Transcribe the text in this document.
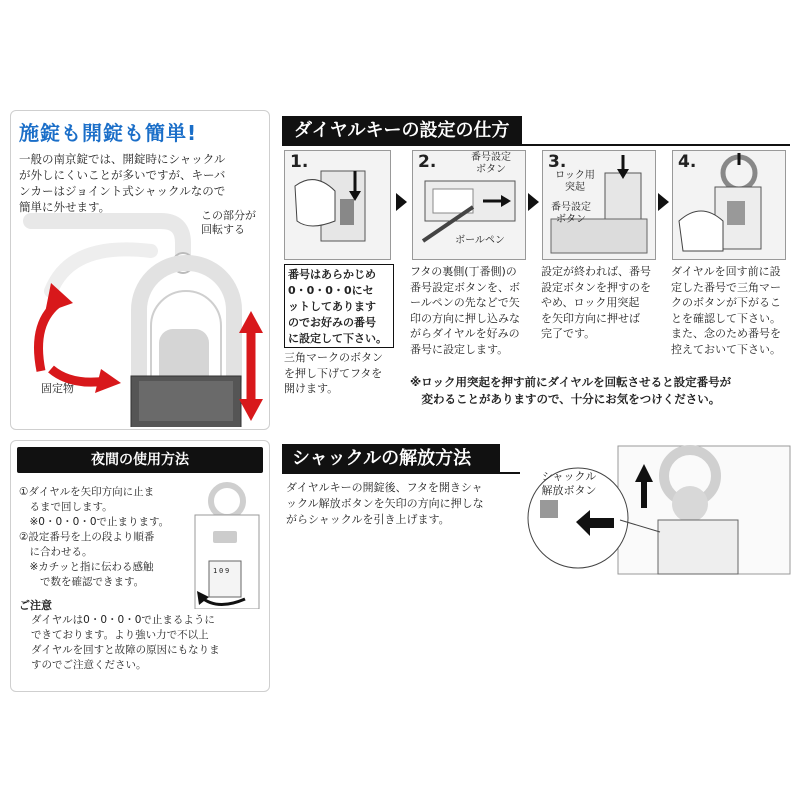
施錠も開錠も簡単!
一般の南京錠では、開錠時にシャックル
が外しにくいことが多いですが、キーバ
ンカーはジョイント式シャックルなので
簡単に外せます。
この部分が
回転する
固定物
ダイヤルキーの設定の仕方
1.	2.	番号設定
ボタン
ボールペン
3.
ロック用
突起
番号設定
ボタン
4.
番号はあらかじめ
0・0・0・0にセ
ットしてあります
のでお好みの番号
に設定して下さい。
三角マークのボタン
を押し下げてフタを
開けます。
フタの裏側(丁番側)の
番号設定ボタンを、ボ
ールペンの先などで矢
印の方向に押し込みな
がらダイヤルを好みの
番号に設定します。
設定が終われば、番号
設定ボタンを押すのを
やめ、ロック用突起
を矢印方向に押せば
完了です。
ダイヤルを回す前に設
定した番号で三角マー
クのボタンが下がるこ
とを確認して下さい。
また、念のため番号を
控えておいて下さい。
※ロック用突起を押す前にダイヤルを回転させると設定番号が
　変わることがありますので、十分にお気をつけください。
夜間の使用方法
1 0 9
①ダイヤルを矢印方向に止ま
　るまで回します。
　※0・0・0・0で止まります。
②設定番号を上の段より順番
　に合わせる。
　※カチッと指に伝わる感触
　　で数を確認できます。
ご注意
ダイヤルは0・0・0・0で止まるように
できております。より強い力で不以上
ダイヤルを回すと故障の原因にもなりま
すのでご注意ください。
シャックルの解放方法
ダイヤルキーの開錠後、フタを開きシャ
ックル解放ボタンを矢印の方向に押しな
がらシャックルを引き上げます。
シャックル
解放ボタン
